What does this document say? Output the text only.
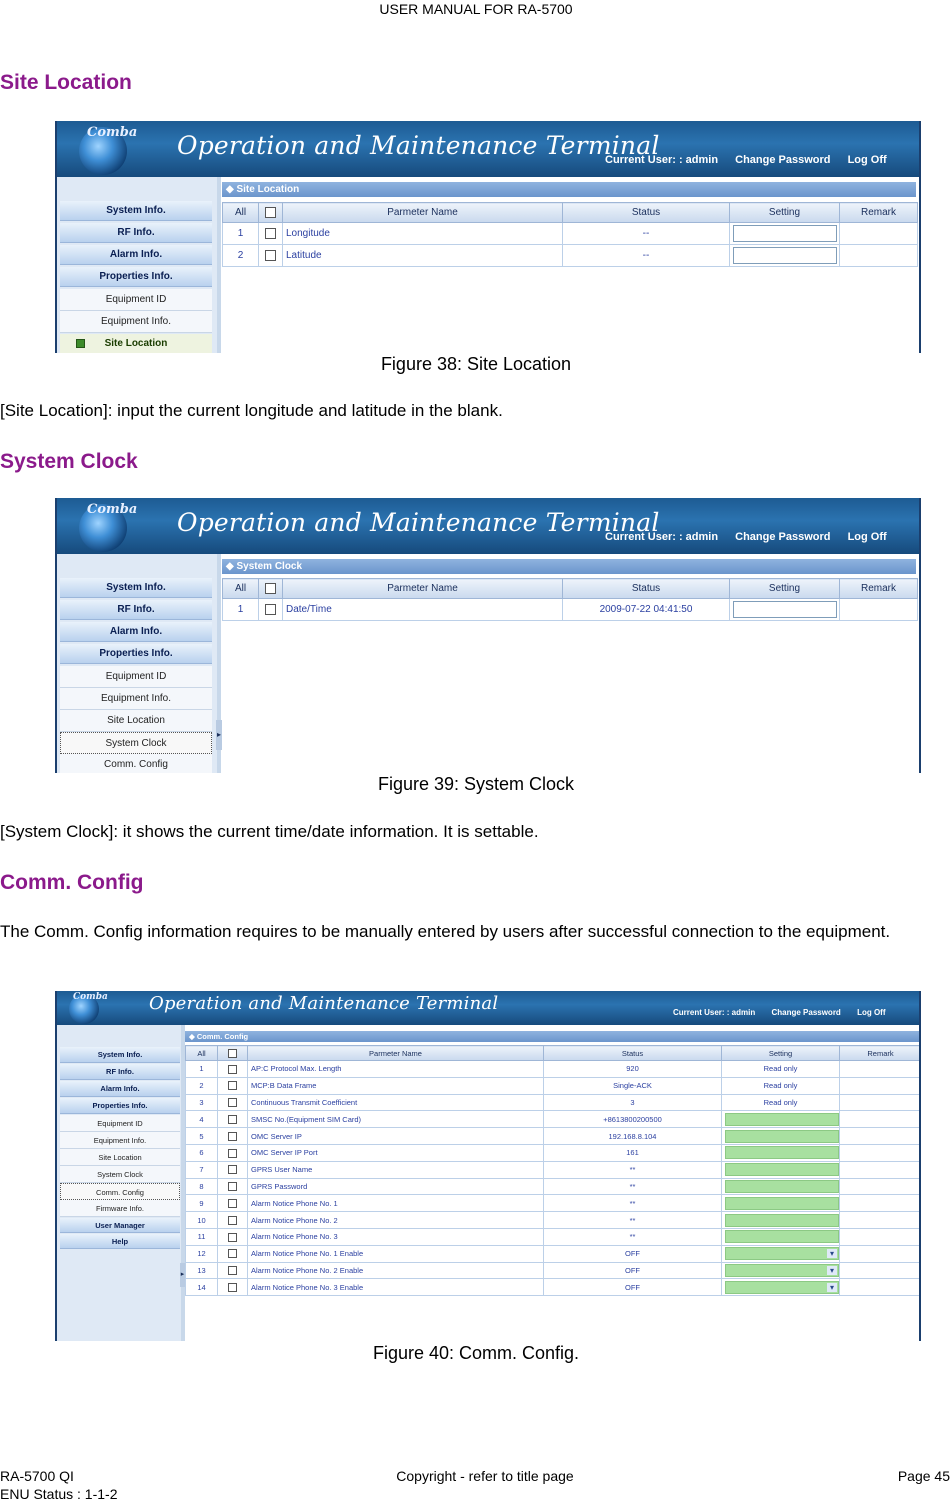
USER MANUAL FOR RA-5700
Site Location
Comba Operation and Maintenance Terminal
Current User: : admin Change Password Log Off
System Info.
RF Info.
Alarm Info.
Properties Info.
Equipment ID
Equipment Info.
Site Location
◆ Site Location
All		Parmeter Name	Status	Setting	Remark
1		Longitude	--		
2		Latitude	--		
Figure 38: Site Location
[Site Location]: input the current longitude and latitude in the blank.
System Clock
Comba Operation and Maintenance Terminal
Current User: : admin Change Password Log Off
System Info.
RF Info.
Alarm Info.
Properties Info.
Equipment ID
Equipment Info.
Site Location
System Clock
Comm. Config
▸
◆ System Clock
All		Parmeter Name	Status	Setting	Remark
1		Date/Time	2009-07-22 04:41:50		
Figure 39: System Clock
[System Clock]: it shows the current time/date information. It is settable.
Comm. Config
The Comm. Config information requires to be manually entered by users after successful connection to the equipment.
Comba Operation and Maintenance Terminal	Current User: : admin Change Password Log Off
System Info.
RF Info.
Alarm Info.
Properties Info.
Equipment ID
Equipment Info.
Site Location
System Clock
Comm. Config
Firmware Info.
User Manager
Help
▸
◆ Comm. Config
All		Parmeter Name	Status	Setting	Remark
1		AP:C Protocol Max. Length	920	Read only	
2		MCP:B Data Frame	Single-ACK	Read only	
3		Continuous Transmit Coefficient	3	Read only	
4		SMSC No.(Equipment SIM Card)	+8613800200500		
5		OMC Server IP	192.168.8.104		
6		OMC Server IP Port	161		
7		GPRS User Name	**		
8		GPRS Password	**		
9		Alarm Notice Phone No. 1	**		
10		Alarm Notice Phone No. 2	**		
11		Alarm Notice Phone No. 3	**		
12		Alarm Notice Phone No. 1 Enable	OFF	▾	

13		Alarm Notice Phone No. 2 Enable	OFF	▾	

14		Alarm Notice Phone No. 3 Enable	OFF	▾	

Figure 40: Comm. Config.
RA-5700 QI
ENU Status : 1-1-2
Copyright - refer to title page	Page 45
